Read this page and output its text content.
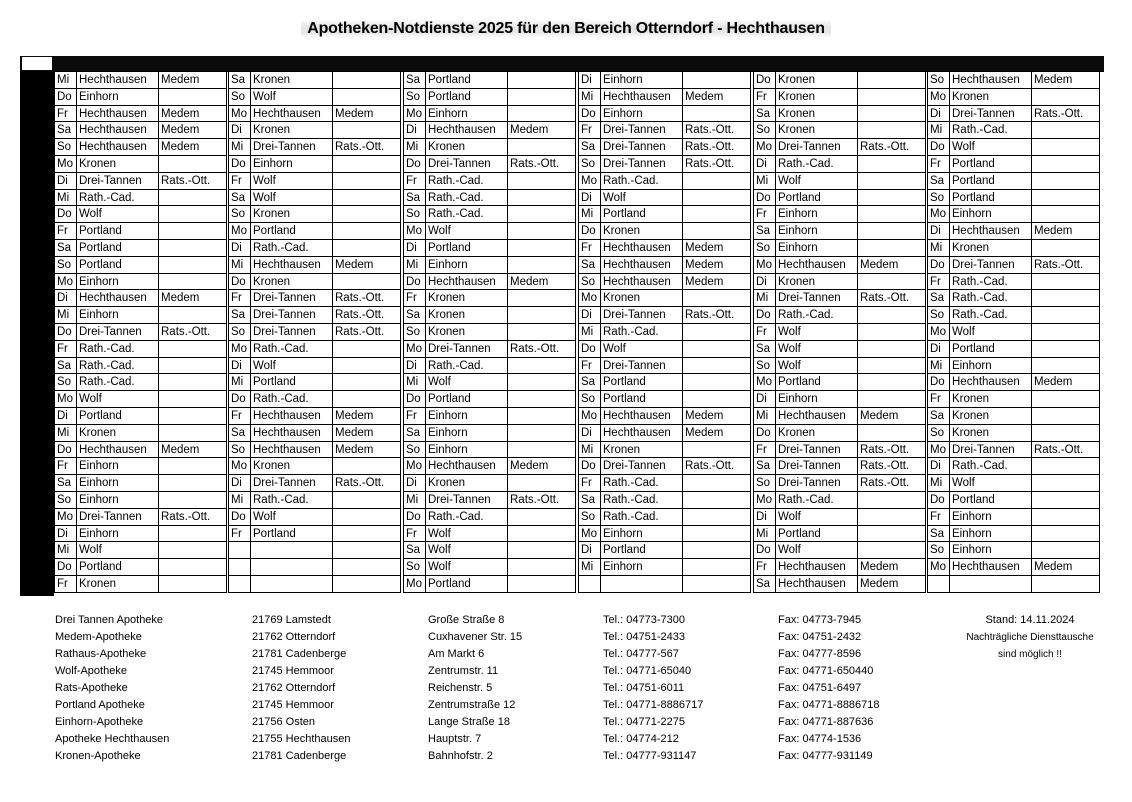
Apotheken-Notdienste 2025 für den Bereich Otterndorf - Hechthausen
Mi Hechthausen	Medem
Do Einhorn
Fr Hechthausen	Medem
Sa Hechthausen	Medem
So Hechthausen	Medem
Mo Kronen
Di Drei-Tannen	Rats.-Ott.
Mi Rath.-Cad.
Do Wolf
Fr Portland
Sa Portland
So Portland
Mo Einhorn
Di Hechthausen	Medem
Mi Einhorn
Do Drei-Tannen	Rats.-Ott.
Fr Rath.-Cad.
Sa Rath.-Cad.
So Rath.-Cad.
Mo Wolf
Di Portland
Mi Kronen
Do Hechthausen	Medem
Fr Einhorn
Sa Einhorn
So Einhorn
Mo Drei-Tannen	Rats.-Ott.
Di Einhorn
Mi Wolf
Do Portland
Fr Kronen
Sa Kronen
So Wolf
Mo Hechthausen	Medem
Di Kronen
Mi Drei-Tannen	Rats.-Ott.
Do Einhorn
Fr Wolf
Sa Wolf
So Kronen
Mo Portland
Di Rath.-Cad.
Mi Hechthausen	Medem
Do Kronen
Fr Drei-Tannen	Rats.-Ott.
Sa Drei-Tannen	Rats.-Ott.
So Drei-Tannen	Rats.-Ott.
Mo Rath.-Cad.
Di Wolf
Mi Portland
Do Rath.-Cad.
Fr Hechthausen	Medem
Sa Hechthausen	Medem
So Hechthausen	Medem
Mo Kronen
Di Drei-Tannen	Rats.-Ott.
Mi Rath.-Cad.
Do Wolf
Fr Portland
Sa Portland
So Portland
Mo Einhorn
Di Hechthausen	Medem
Mi Kronen
Do Drei-Tannen	Rats.-Ott.
Fr Rath.-Cad.
Sa Rath.-Cad.
So Rath.-Cad.
Mo Wolf
Di Portland
Mi Einhorn
Do Hechthausen	Medem
Fr Kronen
Sa Kronen
So Kronen
Mo Drei-Tannen	Rats.-Ott.
Di Rath.-Cad.
Mi Wolf
Do Portland
Fr Einhorn
Sa Einhorn
So Einhorn
Mo Hechthausen	Medem
Di Kronen
Mi Drei-Tannen	Rats.-Ott.
Do Rath.-Cad.
Fr Wolf
Sa Wolf
So Wolf
Mo Portland
Di Einhorn
Mi Hechthausen	Medem
Do Einhorn
Fr Drei-Tannen	Rats.-Ott.
Sa Drei-Tannen	Rats.-Ott.
So Drei-Tannen	Rats.-Ott.
Mo Rath.-Cad.
Di Wolf
Mi Portland
Do Kronen
Fr Hechthausen	Medem
Sa Hechthausen	Medem
So Hechthausen	Medem
Mo Kronen
Di Drei-Tannen	Rats.-Ott.
Mi Rath.-Cad.
Do Wolf
Fr Drei-Tannen
Sa Portland
So Portland
Mo Hechthausen	Medem
Di Hechthausen	Medem
Mi Kronen
Do Drei-Tannen	Rats.-Ott.
Fr Rath.-Cad.
Sa Rath.-Cad.
So Rath.-Cad.
Mo Einhorn
Di Portland
Mi Einhorn
Do Kronen
Fr Kronen
Sa Kronen
So Kronen
Mo Drei-Tannen	Rats.-Ott.
Di Rath.-Cad.
Mi Wolf
Do Portland
Fr Einhorn
Sa Einhorn
So Einhorn
Mo Hechthausen	Medem
Di Kronen
Mi Drei-Tannen	Rats.-Ott.
Do Rath.-Cad.
Fr Wolf
Sa Wolf
So Wolf
Mo Portland
Di Einhorn
Mi Hechthausen	Medem
Do Kronen
Fr Drei-Tannen	Rats.-Ott.
Sa Drei-Tannen	Rats.-Ott.
So Drei-Tannen	Rats.-Ott.
Mo Rath.-Cad.
Di Wolf
Mi Portland
Do Wolf
Fr Hechthausen	Medem
Sa Hechthausen	Medem
So Hechthausen	Medem
Mo Kronen
Di Drei-Tannen	Rats.-Ott.
Mi Rath.-Cad.
Do Wolf
Fr Portland
Sa Portland
So Portland
Mo Einhorn
Di Hechthausen	Medem
Mi Kronen
Do Drei-Tannen	Rats.-Ott.
Fr Rath.-Cad.
Sa Rath.-Cad.
So Rath.-Cad.
Mo Wolf
Di Portland
Mi Einhorn
Do Hechthausen	Medem
Fr Kronen
Sa Kronen
So Kronen
Mo Drei-Tannen	Rats.-Ott.
Di Rath.-Cad.
Mi Wolf
Do Portland
Fr Einhorn
Sa Einhorn
So Einhorn
Mo Hechthausen	Medem
Drei Tannen Apotheke	21769 Lamstedt	Große Straße 8	Tel.: 04773-7300	Fax: 04773-7945
Medem-Apotheke	21762 Otterndorf	Cuxhavener Str. 15	Tel.: 04751-2433	Fax: 04751-2432
Rathaus-Apotheke	21781 Cadenberge	Am Markt 6	Tel.: 04777-567	Fax: 04777-8596
Wolf-Apotheke	21745 Hemmoor	Zentrumstr. 11	Tel.: 04771-65040	Fax: 04771-650440
Rats-Apotheke	21762 Otterndorf	Reichenstr. 5	Tel.: 04751-6011	Fax: 04751-6497
Portland Apotheke	21745 Hemmoor	Zentrumstraße 12	Tel.: 04771-8886717	Fax: 04771-8886718
Einhorn-Apotheke	21756 Osten	Lange Straße 18	Tel.: 04771-2275	Fax: 04771-887636
Apotheke Hechthausen	21755 Hechthausen	Hauptstr. 7	Tel.: 04774-212	Fax: 04774-1536
Kronen-Apotheke	21781 Cadenberge	Bahnhofstr. 2	Tel.: 04777-931147	Fax: 04777-931149
Stand: 14.11.2024
Nachträgliche Diensttausche
sind möglich !!
